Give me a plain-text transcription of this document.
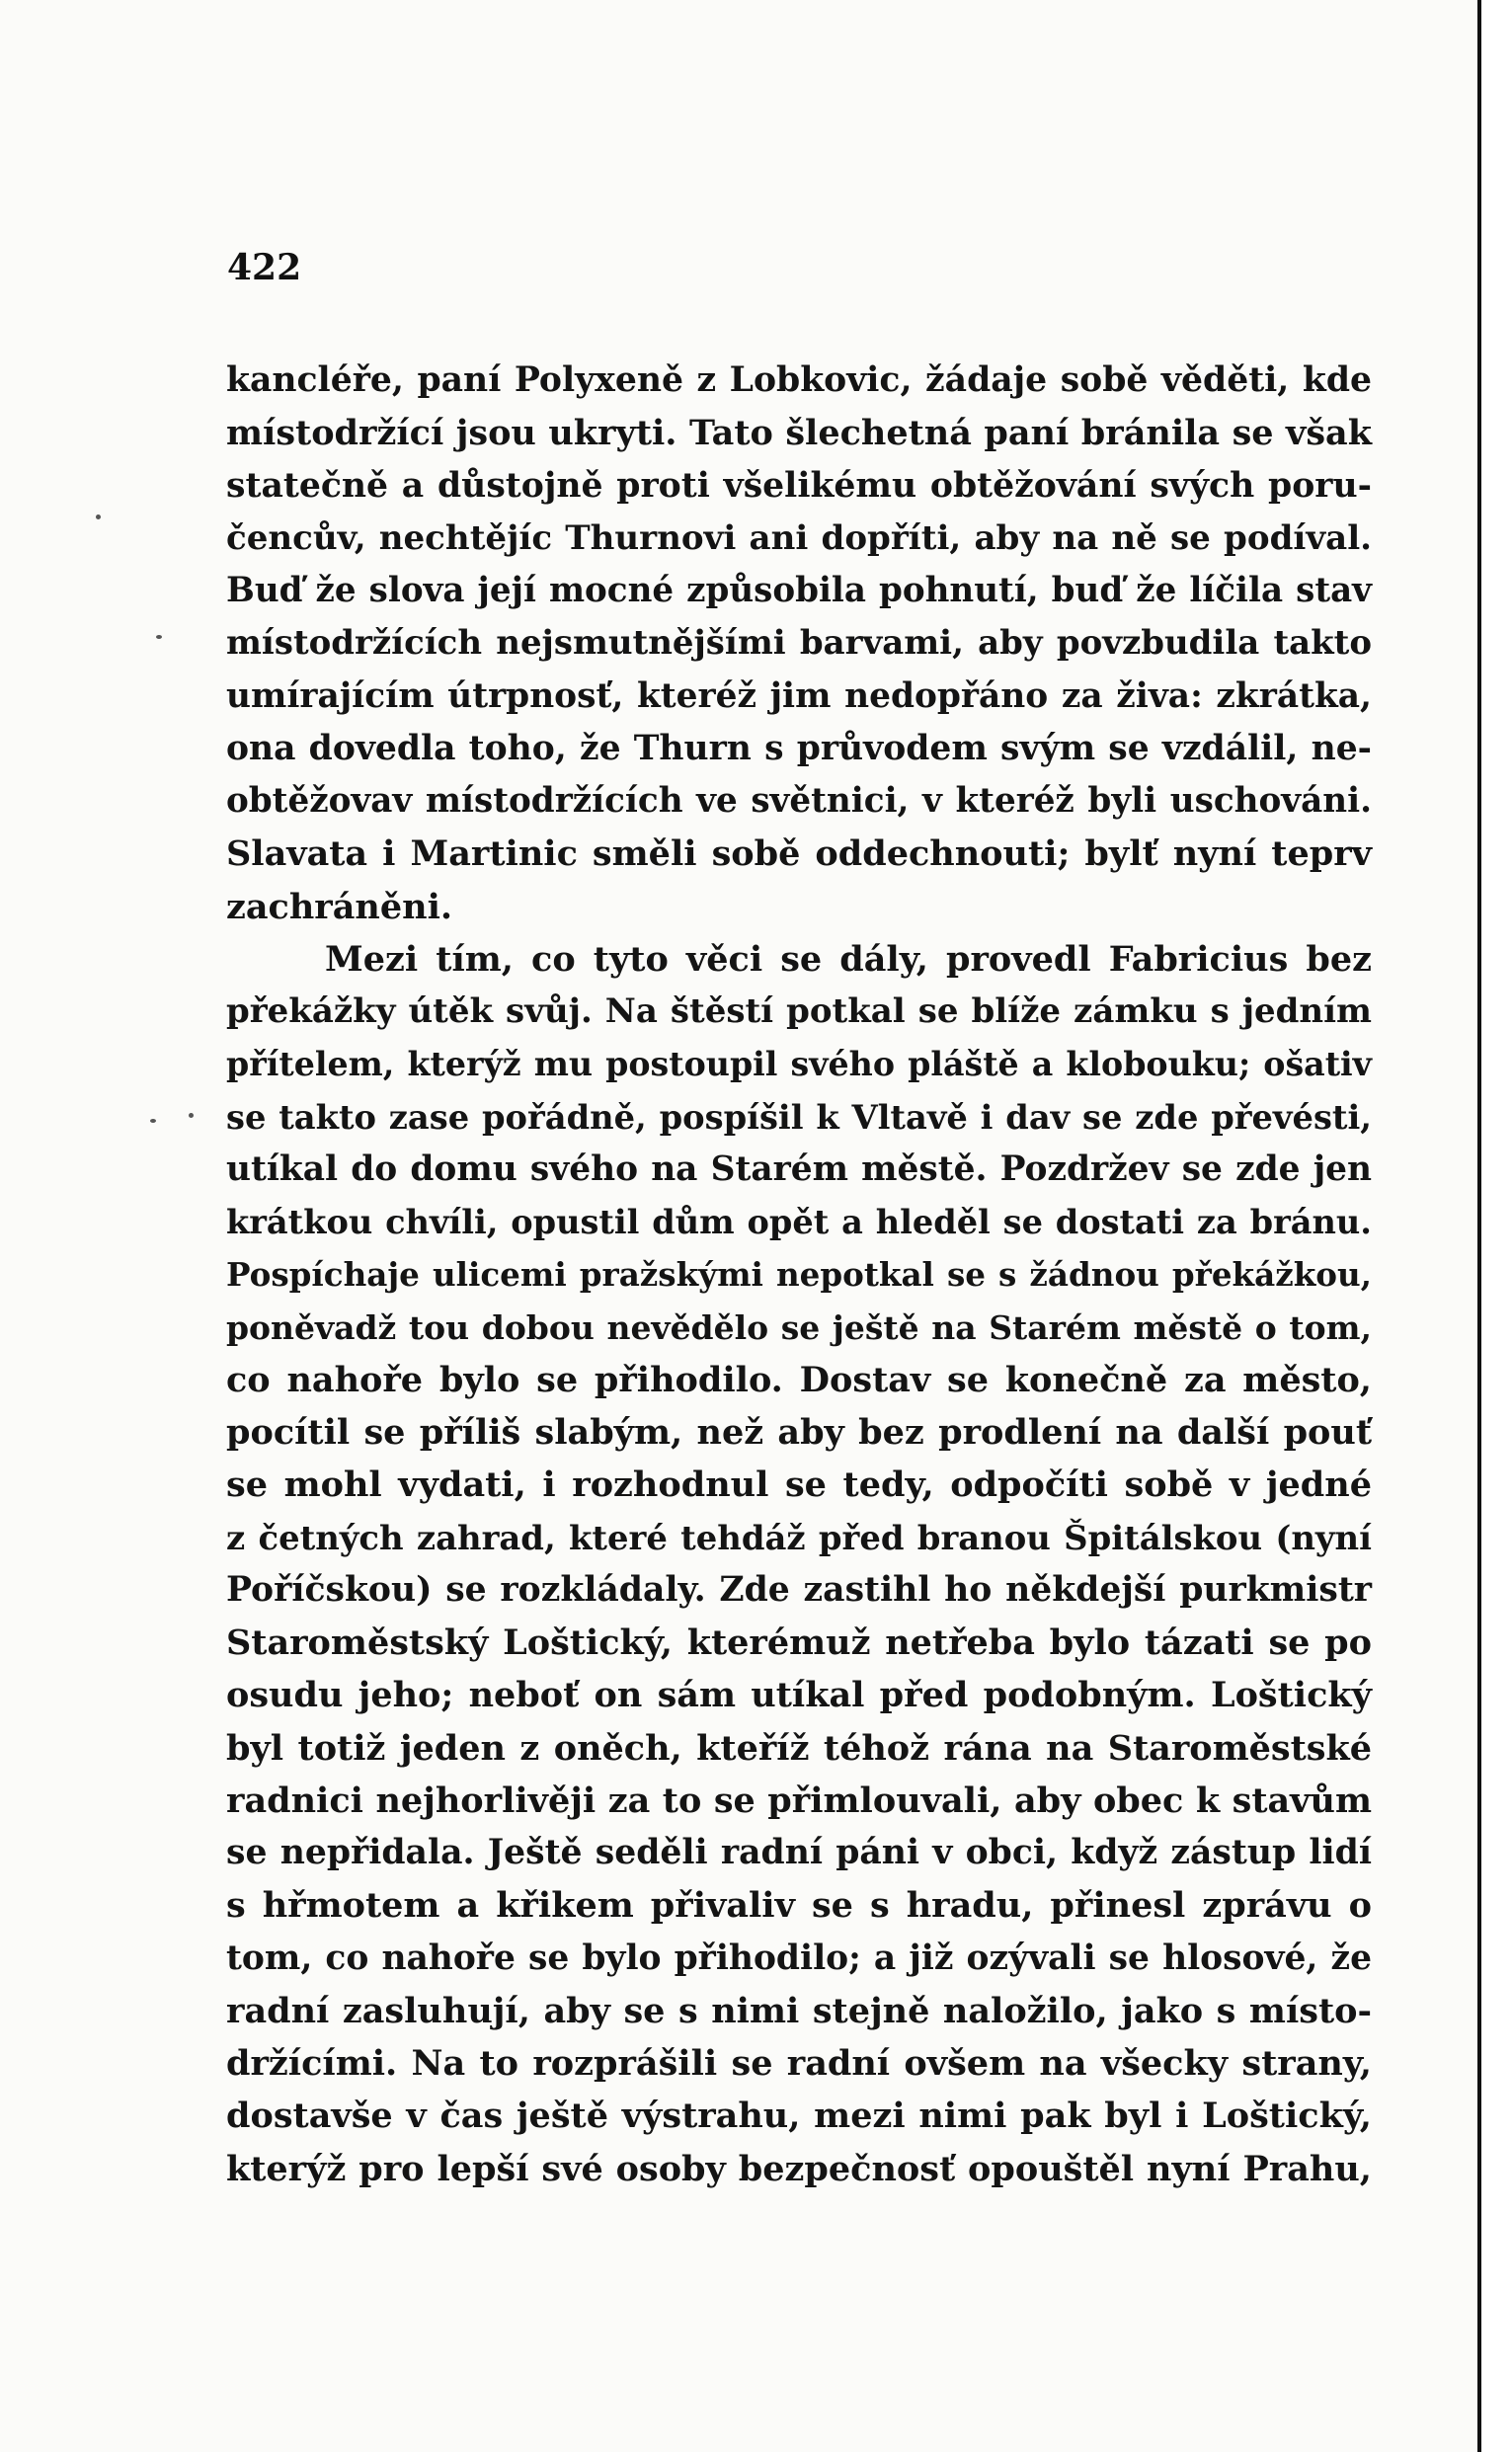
422

kancléře, paní Polyxeně z Lobkovic, žádaje sobě věděti, kde
místodržící jsou ukryti. Tato šlechetná paní bránila se však
statečně a důstojně proti všelikému obtěžování svých poru-
čencův, nechtějíc Thurnovi ani dopříti, aby na ně se podíval.
Buď že slova její mocné způsobila pohnutí, buď že líčila stav
místodržících nejsmutnějšími barvami, aby povzbudila takto
umírajícím útrpnosť, kteréž jim nedopřáno za živa: zkrátka,
ona dovedla toho, že Thurn s průvodem svým se vzdálil, ne-
obtěžovav místodržících ve světnici, v kteréž byli uschováni.
Slavata i Martinic směli sobě oddechnouti; bylť nyní teprv
zachráněni.
Mezi tím, co tyto věci se dály, provedl Fabricius bez
překážky útěk svůj. Na štěstí potkal se blíže zámku s jedním
přítelem, kterýž mu postoupil svého pláště a klobouku; ošativ
se takto zase pořádně, pospíšil k Vltavě i dav se zde převésti,
utíkal do domu svého na Starém městě. Pozdržev se zde jen
krátkou chvíli, opustil dům opět a hleděl se dostati za bránu.
Pospíchaje ulicemi pražskými nepotkal se s žádnou překážkou,
poněvadž tou dobou nevědělo se ještě na Starém městě o tom,
co nahoře bylo se přihodilo. Dostav se konečně za město,
pocítil se příliš slabým, než aby bez prodlení na další pouť
se mohl vydati, i rozhodnul se tedy, odpočíti sobě v jedné
z četných zahrad, které tehdáž před branou Špitálskou (nyní
Poříčskou) se rozkládaly. Zde zastihl ho někdejší purkmistr
Staroměstský Loštický, kterémuž netřeba bylo tázati se po
osudu jeho; neboť on sám utíkal před podobným. Loštický
byl totiž jeden z oněch, kteříž téhož rána na Staroměstské
radnici nejhorlivěji za to se přimlouvali, aby obec k stavům
se nepřidala. Ještě seděli radní páni v obci, když zástup lidí
s hřmotem a křikem přivaliv se s hradu, přinesl zprávu o
tom, co nahoře se bylo přihodilo; a již ozývali se hlosové, že
radní zasluhují, aby se s nimi stejně naložilo, jako s místo-
držícími. Na to rozprášili se radní ovšem na všecky strany,
dostavše v čas ještě výstrahu, mezi nimi pak byl i Loštický,
kterýž pro lepší své osoby bezpečnosť opouštěl nyní Prahu,
